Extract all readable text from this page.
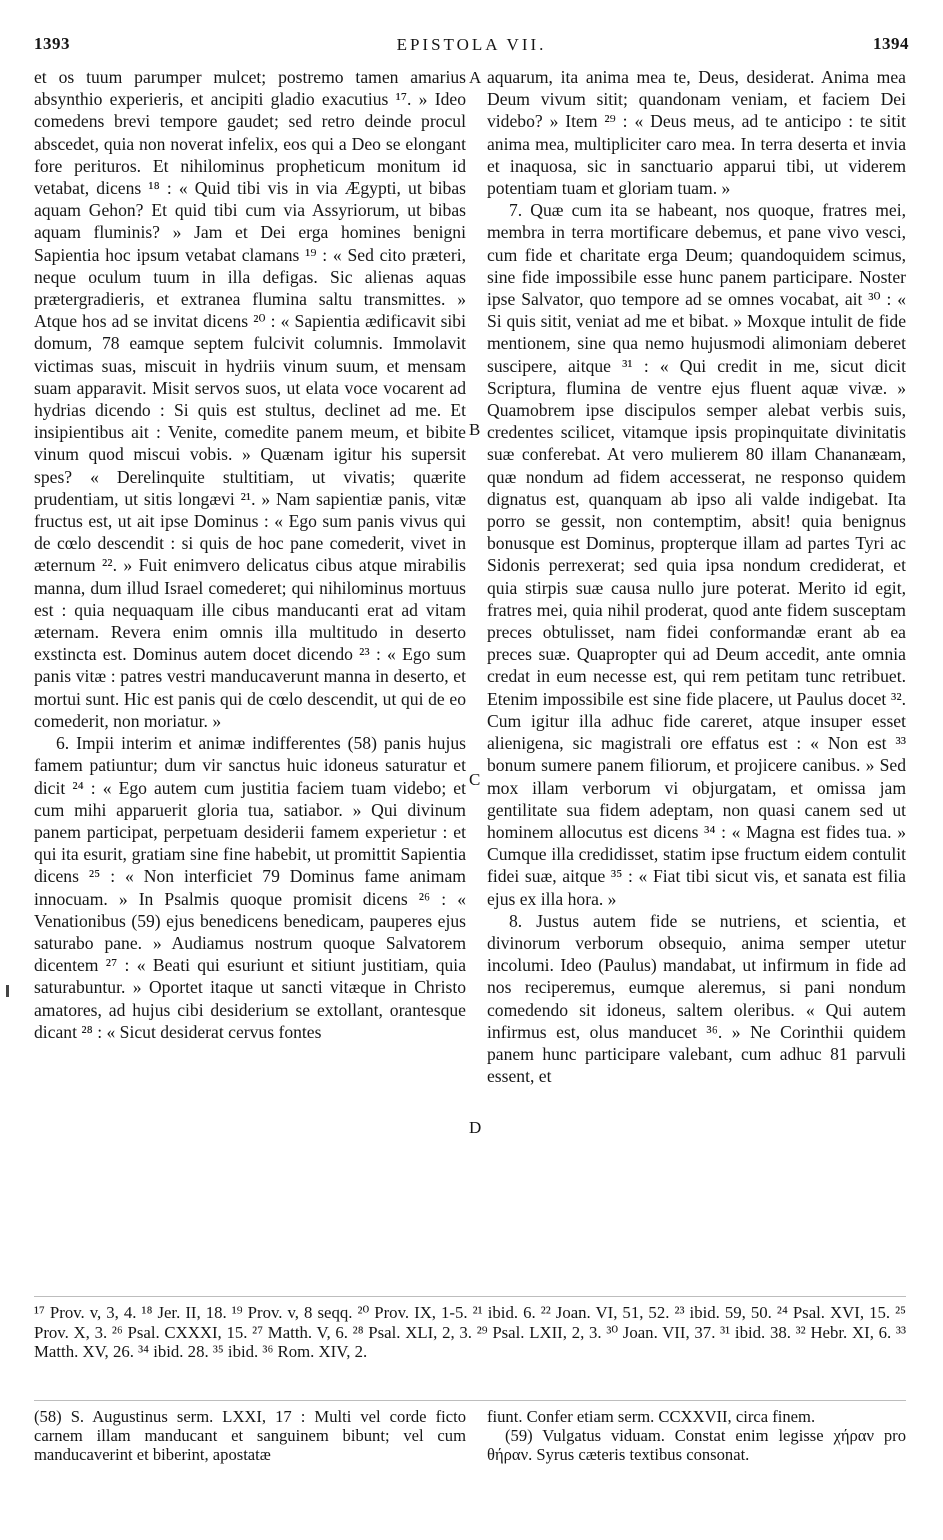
1393	EPISTOLA VII.	1394

et os tuum parumper mulcet; postremo tamen amarius absynthio experieris, et ancipiti gladio exacutius ¹⁷. » Ideo comedens brevi tempore gaudet; sed retro deinde procul abscedet, quia non noverat infelix, eos qui a Deo se elongant fore perituros. Et nihilominus propheticum monitum id vetabat, dicens ¹⁸ : « Quid tibi vis in via Ægypti, ut bibas aquam Gehon? Et quid tibi cum via Assyriorum, ut bibas aquam fluminis? » Jam et Dei erga homines benigni Sapientia hoc ipsum vetabat clamans ¹⁹ : « Sed cito præteri, neque oculum tuum in illa defigas. Sic alienas aquas prætergradieris, et extranea flumina saltu transmittes. » Atque hos ad se invitat dicens ²⁰ : « Sapientia ædificavit sibi domum, 78 eamque septem fulcivit columnis. Immolavit victimas suas, miscuit in hydriis vinum suum, et mensam suam apparavit. Misit servos suos, ut elata voce vocarent ad hydrias dicendo : Si quis est stultus, declinet ad me. Et insipientibus ait : Venite, comedite panem meum, et bibite vinum quod miscui vobis. » Quænam igitur his supersit spes? « Derelinquite stultitiam, ut vivatis; quærite prudentiam, ut sitis longævi ²¹. » Nam sapientiæ panis, vitæ fructus est, ut ait ipse Dominus : « Ego sum panis vivus qui de cœlo descendit : si quis de hoc pane comederit, vivet in æternum ²². » Fuit enimvero delicatus cibus atque mirabilis manna, dum illud Israel comederet; qui nihilominus mortuus est : quia nequaquam ille cibus manducanti erat ad vitam æternam. Revera enim omnis illa multitudo in deserto exstincta est. Dominus autem docet dicendo ²³ : « Ego sum panis vitæ : patres vestri manducaverunt manna in deserto, et mortui sunt. Hic est panis qui de cœlo descendit, ut qui de eo comederit, non moriatur. »

6. Impii interim et animæ indifferentes (58) panis hujus famem patiuntur; dum vir sanctus huic idoneus saturatur et dicit ²⁴ : « Ego autem cum justitia faciem tuam videbo; et cum mihi apparuerit gloria tua, satiabor. » Qui divinum panem participat, perpetuam desiderii famem experietur : et qui ita esurit, gratiam sine fine habebit, ut promittit Sapientia dicens ²⁵ : « Non interficiet 79 Dominus fame animam innocuam. » In Psalmis quoque promisit dicens ²⁶ : « Venationibus (59) ejus benedicens benedicam, pauperes ejus saturabo pane. » Audiamus nostrum quoque Salvatorem dicentem ²⁷ : « Beati qui esuriunt et sitiunt justitiam, quia saturabuntur. » Oportet itaque ut sancti vitæque in Christo amatores, ad hujus cibi desiderium se extollant, orantesque dicant ²⁸ : « Sicut desiderat cervus fontes

aquarum, ita anima mea te, Deus, desiderat. Anima mea Deum vivum sitit; quandonam veniam, et faciem Dei videbo? » Item ²⁹ : « Deus meus, ad te anticipo : te sitit anima mea, multipliciter caro mea. In terra deserta et invia et inaquosa, sic in sanctuario apparui tibi, ut viderem potentiam tuam et gloriam tuam. »

7. Quæ cum ita se habeant, nos quoque, fratres mei, membra in terra mortificare debemus, et pane vivo vesci, cum fide et charitate erga Deum; quandoquidem scimus, sine fide impossibile esse hunc panem participare. Noster ipse Salvator, quo tempore ad se omnes vocabat, ait ³⁰ : « Si quis sitit, veniat ad me et bibat. » Moxque intulit de fide mentionem, sine qua nemo hujusmodi alimoniam deberet suscipere, aitque ³¹ : « Qui credit in me, sicut dicit Scriptura, flumina de ventre ejus fluent aquæ vivæ. » Quamobrem ipse discipulos semper alebat verbis suis, credentes scilicet, vitamque ipsis propinquitate divinitatis suæ conferebat. At vero mulierem 80 illam Chananæam, quæ nondum ad fidem accesserat, ne responso quidem dignatus est, quanquam ab ipso ali valde indigebat. Ita porro se gessit, non contemptim, absit! quia benignus bonusque est Dominus, propterque illam ad partes Tyri ac Sidonis perrexerat; sed quia ipsa nondum crediderat, et quia stirpis suæ causa nullo jure poterat. Merito id egit, fratres mei, quia nihil proderat, quod ante fidem susceptam preces obtulisset, nam fidei conformandæ erant ab ea preces suæ. Quapropter qui ad Deum accedit, ante omnia credat in eum necesse est, qui rem petitam tunc retribuet. Etenim impossibile est sine fide placere, ut Paulus docet ³². Cum igitur illa adhuc fide careret, atque insuper esset alienigena, sic magistrali ore effatus est : « Non est ³³ bonum sumere panem filiorum, et projicere canibus. » Sed mox illam verborum vi objurgatam, et omissa jam gentilitate sua fidem adeptam, non quasi canem sed ut hominem allocutus est dicens ³⁴ : « Magna est fides tua. » Cumque illa credidisset, statim ipse fructum eidem contulit fidei suæ, aitque ³⁵ : « Fiat tibi sicut vis, et sanata est filia ejus ex illa hora. »

8. Justus autem fide se nutriens, et scientia, et divinorum verborum obsequio, anima semper utetur incolumi. Ideo (Paulus) mandabat, ut infirmum in fide ad nos reciperemus, eumque aleremus, si pani nondum comedendo sit idoneus, saltem oleribus. « Qui autem infirmus est, olus manducet ³⁶. » Ne Corinthii quidem panem hunc participare valebant, cum adhuc 81 parvuli essent, et

A
B
C
D
¹⁷ Prov. v, 3, 4. ¹⁸ Jer. II, 18. ¹⁹ Prov. v, 8 seqq. ²⁰ Prov. IX, 1-5. ²¹ ibid. 6. ²² Joan. VI, 51, 52. ²³ ibid. 59, 50. ²⁴ Psal. XVI, 15. ²⁵ Prov. X, 3. ²⁶ Psal. CXXXI, 15. ²⁷ Matth. V, 6. ²⁸ Psal. XLI, 2, 3. ²⁹ Psal. LXII, 2, 3. ³⁰ Joan. VII, 37. ³¹ ibid. 38. ³² Hebr. XI, 6. ³³ Matth. XV, 26. ³⁴ ibid. 28. ³⁵ ibid. ³⁶ Rom. XIV, 2.

(58) S. Augustinus serm. LXXI, 17 : Multi vel corde ficto carnem illam manducant et sanguinem bibunt; vel cum manducaverint et biberint, apostatæ

fiunt. Confer etiam serm. CCXXVII, circa finem.

(59) Vulgatus viduam. Constat enim legisse χήραν pro θήραν. Syrus cæteris textibus consonat.
